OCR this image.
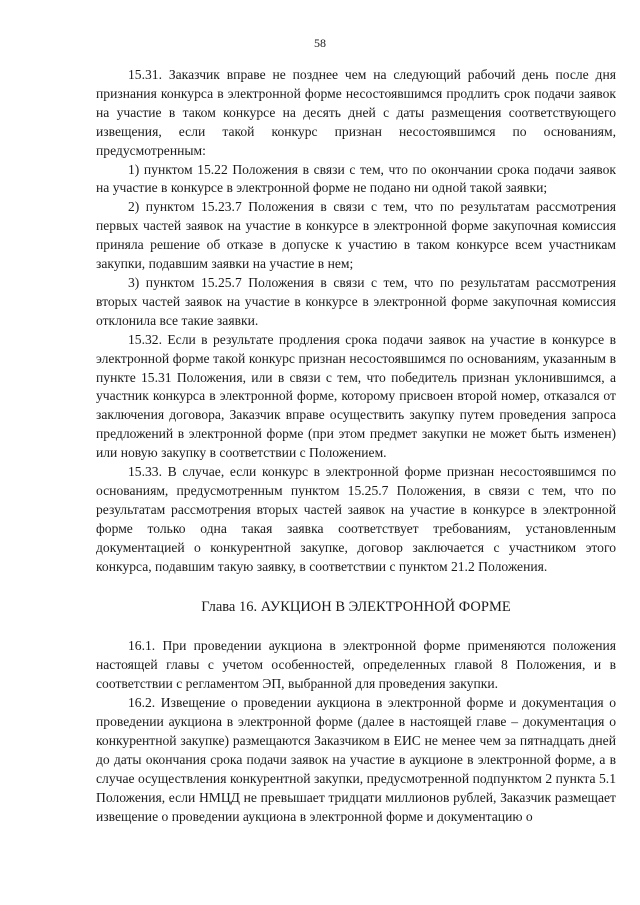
58

15.31. Заказчик вправе не позднее чем на следующий рабочий день после дня признания конкурса в электронной форме несостоявшимся продлить срок подачи заявок на участие в таком конкурсе на десять дней с даты размещения соответствующего извещения, если такой конкурс признан несостоявшимся по основаниям, предусмотренным:

1) пунктом 15.22 Положения в связи с тем, что по окончании срока подачи заявок на участие в конкурсе в электронной форме не подано ни одной такой заявки;

2) пунктом 15.23.7 Положения в связи с тем, что по результатам рассмотрения первых частей заявок на участие в конкурсе в электронной форме закупочная комиссия приняла решение об отказе в допуске к участию в таком конкурсе всем участникам закупки, подавшим заявки на участие в нем;

3) пунктом 15.25.7 Положения в связи с тем, что по результатам рассмотрения вторых частей заявок на участие в конкурсе в электронной форме закупочная комиссия отклонила все такие заявки.

15.32. Если в результате продления срока подачи заявок на участие в конкурсе в электронной форме такой конкурс признан несостоявшимся по основаниям, указанным в пункте 15.31 Положения, или в связи с тем, что победитель признан уклонившимся, а участник конкурса в электронной форме, которому присвоен второй номер, отказался от заключения договора, Заказчик вправе осуществить закупку путем проведения запроса предложений в электронной форме (при этом предмет закупки не может быть изменен) или новую закупку в соответствии с Положением.

15.33. В случае, если конкурс в электронной форме признан несостоявшимся по основаниям, предусмотренным пунктом 15.25.7 Положения, в связи с тем, что по результатам рассмотрения вторых частей заявок на участие в конкурсе в электронной форме только одна такая заявка соответствует требованиям, установленным документацией о конкурентной закупке, договор заключается с участником этого конкурса, подавшим такую заявку, в соответствии с пунктом 21.2 Положения.

Глава 16. АУКЦИОН В ЭЛЕКТРОННОЙ ФОРМЕ

16.1. При проведении аукциона в электронной форме применяются положения настоящей главы с учетом особенностей, определенных главой 8 Положения, и в соответствии с регламентом ЭП, выбранной для проведения закупки.

16.2. Извещение о проведении аукциона в электронной форме и документация о проведении аукциона в электронной форме (далее в настоящей главе – документация о конкурентной закупке) размещаются Заказчиком в ЕИС не менее чем за пятнадцать дней до даты окончания срока подачи заявок на участие в аукционе в электронной форме, а в случае осуществления конкурентной закупки, предусмотренной подпунктом 2 пункта 5.1 Положения, если НМЦД не превышает тридцати миллионов рублей, Заказчик размещает извещение о проведении аукциона в электронной форме и документацию о
